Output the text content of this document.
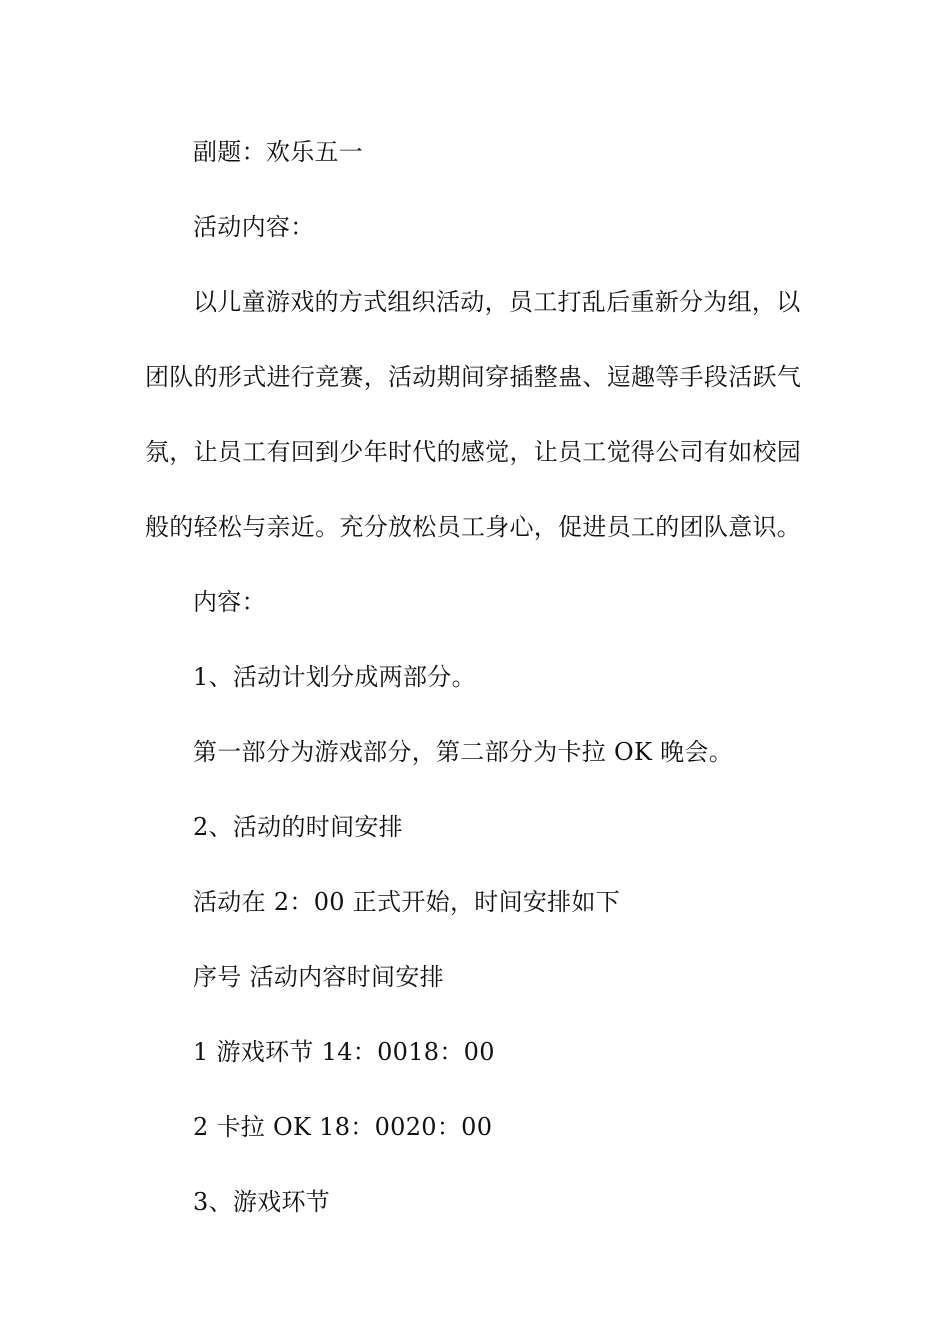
副题：欢乐五一
活动内容：
以儿童游戏的方式组织活动，员工打乱后重新分为组，以
团队的形式进行竞赛，活动期间穿插整蛊、逗趣等手段活跃气
氛，让员工有回到少年时代的感觉，让员工觉得公司有如校园
般的轻松与亲近。充分放松员工身心，促进员工的团队意识。
内容：
1、活动计划分成两部分。
第一部分为游戏部分，第二部分为卡拉 OK 晚会。
2、活动的时间安排
活动在 2：00 正式开始，时间安排如下
序号 活动内容时间安排
1 游戏环节 14：0018：00
2 卡拉 OK 18：0020：00
3、游戏环节
